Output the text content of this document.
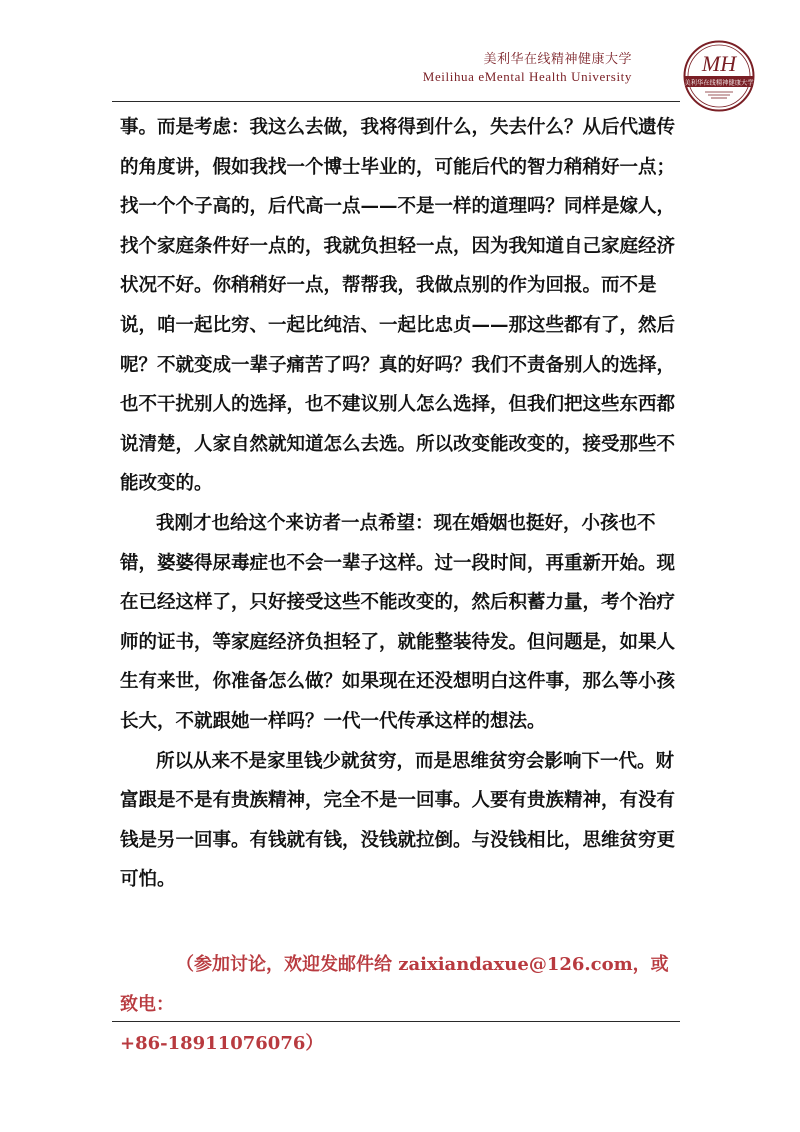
美利华在线精神健康大学
Meilihua eMental Health University
MH
美利华在线精神健康大学

事。而是考虑：我这么去做，我将得到什么，失去什么？从后代遗传的角度讲，假如我找一个博士毕业的，可能后代的智力稍稍好一点；找一个个子高的，后代高一点——不是一样的道理吗？同样是嫁人，找个家庭条件好一点的，我就负担轻一点，因为我知道自己家庭经济状况不好。你稍稍好一点，帮帮我，我做点别的作为回报。而不是说，咱一起比穷、一起比纯洁、一起比忠贞——那这些都有了，然后呢？不就变成一辈子痛苦了吗？真的好吗？我们不责备别人的选择，也不干扰别人的选择，也不建议别人怎么选择，但我们把这些东西都说清楚，人家自然就知道怎么去选。所以改变能改变的，接受那些不能改变的。

我刚才也给这个来访者一点希望：现在婚姻也挺好，小孩也不错，婆婆得尿毒症也不会一辈子这样。过一段时间，再重新开始。现在已经这样了，只好接受这些不能改变的，然后积蓄力量，考个治疗师的证书，等家庭经济负担轻了，就能整装待发。但问题是，如果人生有来世，你准备怎么做？如果现在还没想明白这件事，那么等小孩长大，不就跟她一样吗？一代一代传承这样的想法。

所以从来不是家里钱少就贫穷，而是思维贫穷会影响下一代。财富跟是不是有贵族精神，完全不是一回事。人要有贵族精神，有没有钱是另一回事。有钱就有钱，没钱就拉倒。与没钱相比，思维贫穷更可怕。

（参加讨论，欢迎发邮件给 zaixiandaxue@126.com，或致电：
+86-18911076076）
